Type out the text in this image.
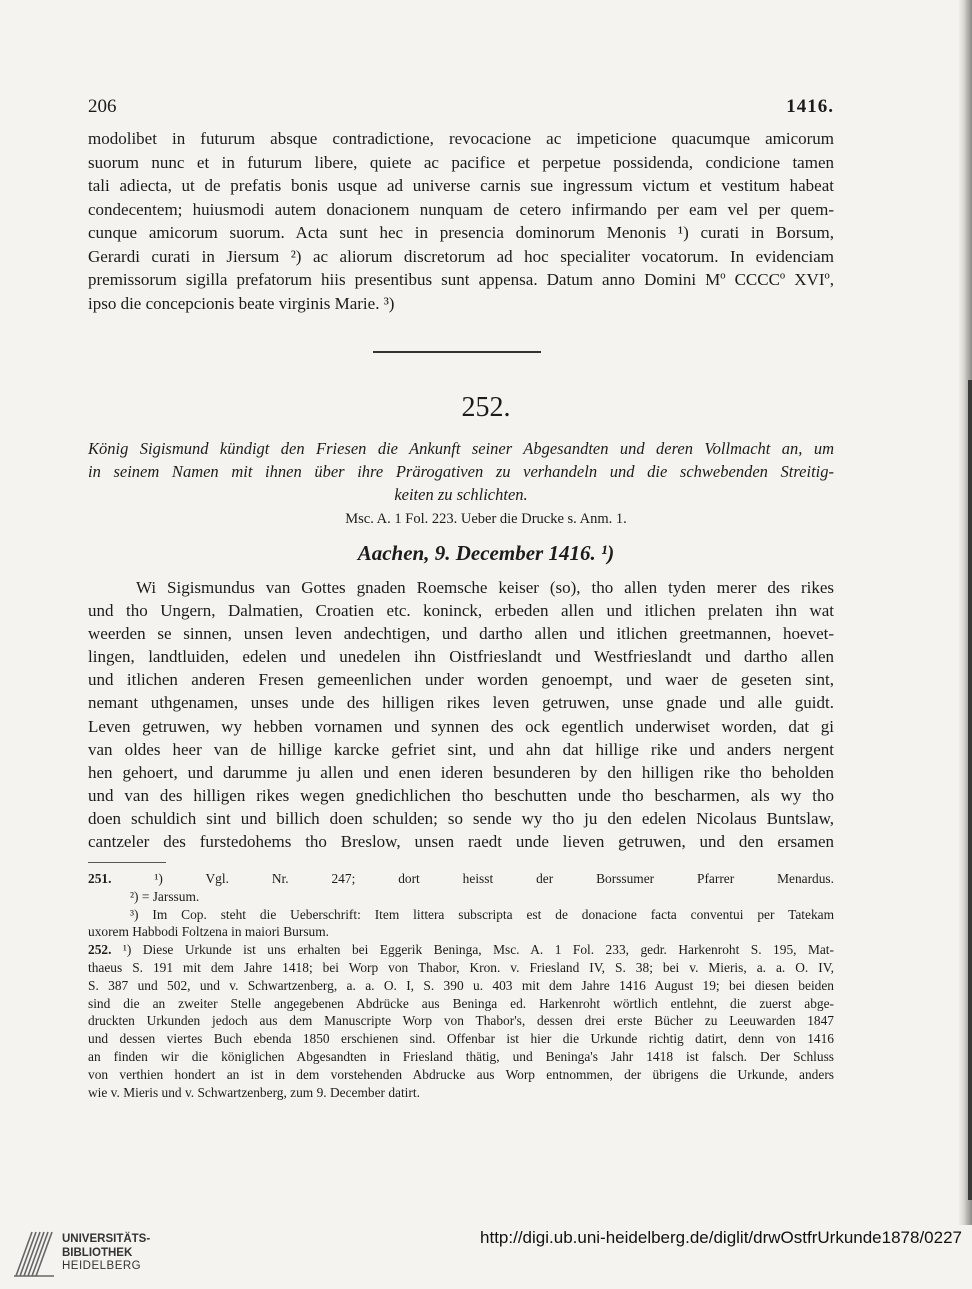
206	1416.
modolibet in futurum absque contradictione, revocacione ac impeticione quacumque amicorum
suorum nunc et in futurum libere, quiete ac pacifice et perpetue possidenda, condicione tamen
tali adiecta, ut de prefatis bonis usque ad universe carnis sue ingressum victum et vestitum habeat
condecentem; huiusmodi autem donacionem nunquam de cetero infirmando per eam vel per quem-
cunque amicorum suorum. Acta sunt hec in presencia dominorum Menonis ¹) curati in Borsum,
Gerardi curati in Jiersum ²) ac aliorum discretorum ad hoc specialiter vocatorum. In evidenciam
premissorum sigilla prefatorum hiis presentibus sunt appensa. Datum anno Domini Mº CCCCº XVIº,
ipso die concepcionis beate virginis Marie. ³)
252.
König Sigismund kündigt den Friesen die Ankunft seiner Abgesandten und deren Vollmacht an, um
in seinem Namen mit ihnen über ihre Prärogativen zu verhandeln und die schwebenden Streitig-
keiten zu schlichten.
Msc. A. 1 Fol. 223. Ueber die Drucke s. Anm. 1.
Aachen, 9. December 1416. ¹)
Wi Sigismundus van Gottes gnaden Roemsche keiser (so), tho allen tyden merer des rikes
und tho Ungern, Dalmatien, Croatien etc. koninck, erbeden allen und itlichen prelaten ihn wat
weerden se sinnen, unsen leven andechtigen, und dartho allen und itlichen greetmannen, hoevet-
lingen, landtluiden, edelen und unedelen ihn Oistfrieslandt und Westfrieslandt und dartho allen
und itlichen anderen Fresen gemeenlichen under worden genoempt, und waer de geseten sint,
nemant uthgenamen, unses unde des hilligen rikes leven getruwen, unse gnade und alle guidt.
Leven getruwen, wy hebben vornamen und synnen des ock egentlich underwiset worden, dat gi
van oldes heer van de hillige karcke gefriet sint, und ahn dat hillige rike und anders nergent
hen gehoert, und darumme ju allen und enen ideren besunderen by den hilligen rike tho beholden
und van des hilligen rikes wegen gnedichlichen tho beschutten unde tho bescharmen, als wy tho
doen schuldich sint und billich doen schulden; so sende wy tho ju den edelen Nicolaus Buntslaw,
cantzeler des furstedohems tho Breslow, unsen raedt unde lieven getruwen, und den ersamen
251.	¹) Vgl. Nr. 247; dort heisst der Borssumer Pfarrer Menardus.
²) = Jarssum.
³) Im Cop. steht die Ueberschrift: Item littera subscripta est de donacione facta conventui per Tatekam
uxorem Habbodi Foltzena in maiori Bursum.
252. ¹) Diese Urkunde ist uns erhalten bei Eggerik Beninga, Msc. A. 1 Fol. 233, gedr. Harkenroht S. 195, Mat-
thaeus S. 191 mit dem Jahre 1418; bei Worp von Thabor, Kron. v. Friesland IV, S. 38; bei v. Mieris, a. a. O. IV,
S. 387 und 502, und v. Schwartzenberg, a. a. O. I, S. 390 u. 403 mit dem Jahre 1416 August 19; bei diesen beiden
sind die an zweiter Stelle angegebenen Abdrücke aus Beninga ed. Harkenroht wörtlich entlehnt, die zuerst abge-
druckten Urkunden jedoch aus dem Manuscripte Worp von Thabor's, dessen drei erste Bücher zu Leeuwarden 1847
und dessen viertes Buch ebenda 1850 erschienen sind. Offenbar ist hier die Urkunde richtig datirt, denn von 1416
an finden wir die königlichen Abgesandten in Friesland thätig, und Beninga's Jahr 1418 ist falsch. Der Schluss
von verthien hondert an ist in dem vorstehenden Abdrucke aus Worp entnommen, der übrigens die Urkunde, anders
wie v. Mieris und v. Schwartzenberg, zum 9. December datirt.
UNIVERSITÄTS-
BIBLIOTHEK
HEIDELBERG
http://digi.ub.uni-heidelberg.de/diglit/drwOstfrUrkunde1878/0227
